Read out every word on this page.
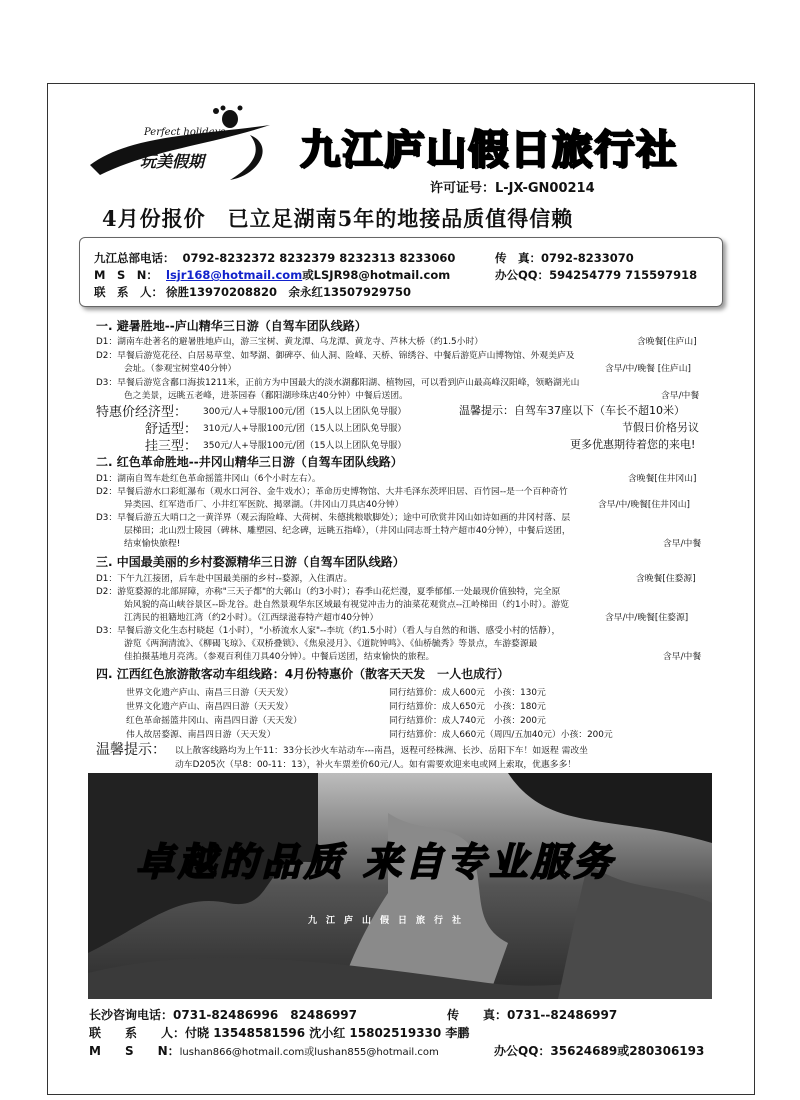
Perfect holidays
玩美假期 九江庐山假日旅行社
许可证号：L-JX-GN00214
4月份报价　已立足湖南5年的地接品质值得信赖
九江总部电话： 0792-8232372 8232379 8232313 8233060	传　真：0792-8233070
M　S　N： lsjr168@hotmail.com或LSJR98@hotmail.com	办公QQ：594254779 715597918
联　系　人： 徐胜13970208820　余永红13507929750
一. 避暑胜地--庐山精华三日游（自驾车团队线路）
D1：湖南车赴著名的避暑胜地庐山，游三宝树、黄龙潭、乌龙潭、黄龙寺、芦林大桥（约1.5小时）	含晚餐[住庐山]
D2：早餐后游览花径、白居易草堂、如琴湖、御碑亭、仙人洞、险峰、天桥、锦绣谷、中餐后游览庐山博物馆、外观美庐及
会址。（参观宝树堂40分钟）	含早/中/晚餐 [住庐山]
D3：早餐后游览含鄱口海拔1211米，正前方为中国最大的淡水湖鄱阳湖、植物园，可以看到庐山最高峰汉阳峰，领略湖光山
色之美景，远眺五老峰，进茶园春（鄱阳湖珍珠店40分钟）中餐后送团。	含早/中餐
特惠价经济型： 300元/人+导服100元/团（15人以上团队免导服）	温馨提示：自驾车37座以下（车长不超10米）
舒适型： 310元/人+导服100元/团（15人以上团队免导服）	节假日价格另议
挂三型： 350元/人+导服100元/团（15人以上团队免导服）	更多优惠期待着您的来电!
二. 红色革命胜地--井冈山精华三日游（自驾车团队线路）
D1：湖南自驾车赴红色革命摇篮井冈山（6个小时左右）。	含晚餐[住井冈山]
D2：早餐后游水口彩虹瀑布（观水口河谷、金牛戏水）；革命历史博物馆、大井毛泽东茨坪旧居、百竹园--是一个百种奇竹
异类园、红军造币厂、小井红军医院、揭翠湖。（井冈山刀具店40分钟）	含早/中/晚餐[住井冈山]
D3：早餐后游五大哨口之一黄洋界（观云海险峰、大荷树、朱德挑粮歇脚处）；途中可欣赏井冈山如诗如画的井冈村落、层
层梯田；北山烈士陵园（碑林、雕塑园、纪念碑，远眺五指峰），（井冈山同志哥土特产超市40分钟），中餐后送团，
结束愉快旅程!	含早/中餐
三. 中国最美丽的乡村婺源精华三日游（自驾车团队线路）
D1：下午九江接团，后车赴中国最美丽的乡村--婺源，入住酒店。	含晚餐[住婺源]
D2：游览婺源的北部屏障，亦称"三天子都"的大鄣山（约3小时）；春季山花烂漫，夏季郁郁.一处最现价值独特，完全原
始风貌的高山峡谷景区--卧龙谷。赴自然景观华东区域最有视觉冲击力的油菜花观赏点--江岭梯田（约1小时）。游览
江湾民的祖籍地江湾（约2小时）。（江西绿滋春特产超市40分钟）	含早/中/晚餐[住婺源]
D3：早餐后游文化生态村晓起（1小时），"小桥流水人家"--李坑（约1.5小时）（看人与自然的和谐、感受小村的恬静），
游览《两涧清流》、《柳碣飞琼》、《双桥叠锁》、《焦泉浸月》、《道院钟鸣》、《仙桥毓秀》等景点，车游婺源最
佳拍摄基地月亮湾。（参观百利佳刀具40分钟）。中餐后送团，结束愉快的旅程。	含早/中餐
四. 江西红色旅游散客动车组线路：4月份特惠价（散客天天发　一人也成行）
世界文化遗产庐山、南昌三日游（天天发）	同行结算价：成人600元　小孩：130元
世界文化遗产庐山、南昌四日游（天天发）	同行结算价：成人650元　小孩：180元
红色革命摇篮井冈山、南昌四日游（天天发）	同行结算价：成人740元　小孩：200元
伟人故居婺源、南昌四日游（天天发）	同行结算价：成人660元（周四/五加40元）小孩：200元
温馨提示： 以上散客线路均为上午11：33分长沙火车站动车---南昌，返程可经株洲、长沙、岳阳下车！如返程 需改坐
动车D205次（早8：00-11：13），补火车票差价60元/人。如有需要欢迎来电或网上索取，优惠多多！
卓越的品质 来自专业服务
九江庐山假日旅行社
长沙咨询电话：0731-82486996　82486997	传　　真：0731--82486997
联　　系　　人：付晓 13548581596 沈小红 15802519330 李鹏
M　　S　　N：lushan866@hotmail.com或lushan855@hotmail.com	办公QQ：35624689或280306193
